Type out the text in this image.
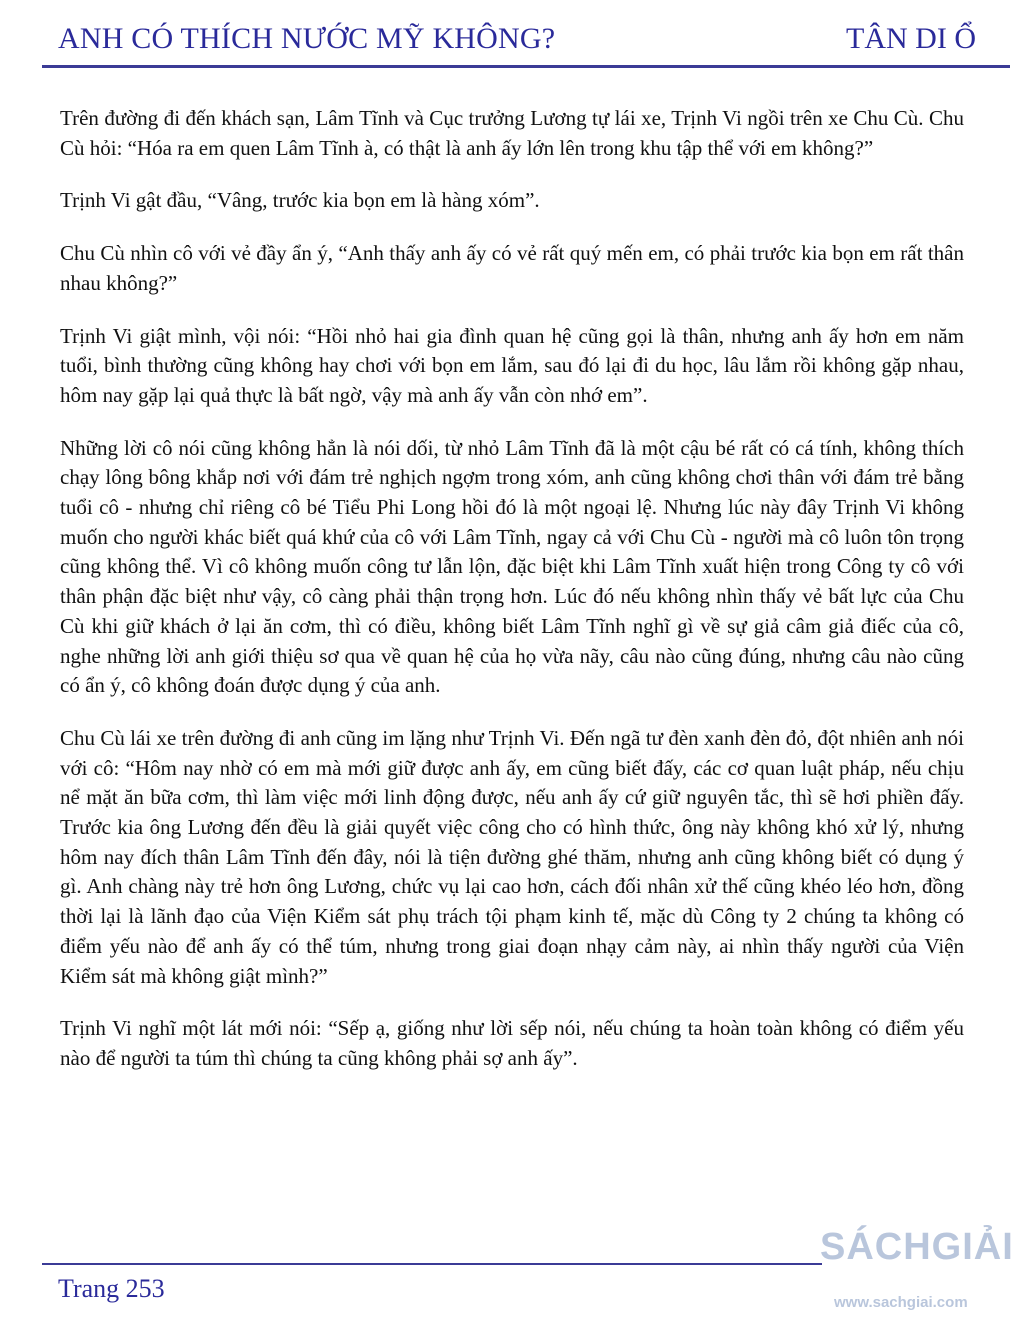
ANH CÓ THÍCH NƯỚC MỸ KHÔNG?	TÂN DI Ổ

Trên đường đi đến khách sạn, Lâm Tĩnh và Cục trưởng Lương tự lái xe, Trịnh Vi ngồi trên xe Chu Cù. Chu Cù hỏi: “Hóa ra em quen Lâm Tĩnh à, có thật là anh ấy lớn lên trong khu tập thể với em không?”

Trịnh Vi gật đầu, “Vâng, trước kia bọn em là hàng xóm”.

Chu Cù nhìn cô với vẻ đầy ẩn ý, “Anh thấy anh ấy có vẻ rất quý mến em, có phải trước kia bọn em rất thân nhau không?”

Trịnh Vi giật mình, vội nói: “Hồi nhỏ hai gia đình quan hệ cũng gọi là thân, nhưng anh ấy hơn em năm tuổi, bình thường cũng không hay chơi với bọn em lắm, sau đó lại đi du học, lâu lắm rồi không gặp nhau, hôm nay gặp lại quả thực là bất ngờ, vậy mà anh ấy vẫn còn nhớ em”.

Những lời cô nói cũng không hẳn là nói dối, từ nhỏ Lâm Tĩnh đã là một cậu bé rất có cá tính, không thích chạy lông bông khắp nơi với đám trẻ nghịch ngợm trong xóm, anh cũng không chơi thân với đám trẻ bằng tuổi cô - nhưng chỉ riêng cô bé Tiểu Phi Long hồi đó là một ngoại lệ. Nhưng lúc này đây Trịnh Vi không muốn cho người khác biết quá khứ của cô với Lâm Tĩnh, ngay cả với Chu Cù - người mà cô luôn tôn trọng cũng không thể. Vì cô không muốn công tư lẫn lộn, đặc biệt khi Lâm Tĩnh xuất hiện trong Công ty cô với thân phận đặc biệt như vậy, cô càng phải thận trọng hơn. Lúc đó nếu không nhìn thấy vẻ bất lực của Chu Cù khi giữ khách ở lại ăn cơm, thì có điều, không biết Lâm Tĩnh nghĩ gì về sự giả câm giả điếc của cô, nghe những lời anh giới thiệu sơ qua về quan hệ của họ vừa nãy, câu nào cũng đúng, nhưng câu nào cũng có ẩn ý, cô không đoán được dụng ý của anh.

Chu Cù lái xe trên đường đi anh cũng im lặng như Trịnh Vi. Đến ngã tư đèn xanh đèn đỏ, đột nhiên anh nói với cô: “Hôm nay nhờ có em mà mới giữ được anh ấy, em cũng biết đấy, các cơ quan luật pháp, nếu chịu nể mặt ăn bữa cơm, thì làm việc mới linh động được, nếu anh ấy cứ giữ nguyên tắc, thì sẽ hơi phiền đấy. Trước kia ông Lương đến đều là giải quyết việc công cho có hình thức, ông này không khó xử lý, nhưng hôm nay đích thân Lâm Tĩnh đến đây, nói là tiện đường ghé thăm, nhưng anh cũng không biết có dụng ý gì. Anh chàng này trẻ hơn ông Lương, chức vụ lại cao hơn, cách đối nhân xử thế cũng khéo léo hơn, đồng thời lại là lãnh đạo của Viện Kiểm sát phụ trách tội phạm kinh tế, mặc dù Công ty 2 chúng ta không có điểm yếu nào để anh ấy có thể túm, nhưng trong giai đoạn nhạy cảm này, ai nhìn thấy người của Viện Kiểm sát mà không giật mình?”

Trịnh Vi nghĩ một lát mới nói: “Sếp ạ, giống như lời sếp nói, nếu chúng ta hoàn toàn không có điểm yếu nào để người ta túm thì chúng ta cũng không phải sợ anh ấy”.

Trang 253
SÁCHGIẢI
www.sachgiai.com
